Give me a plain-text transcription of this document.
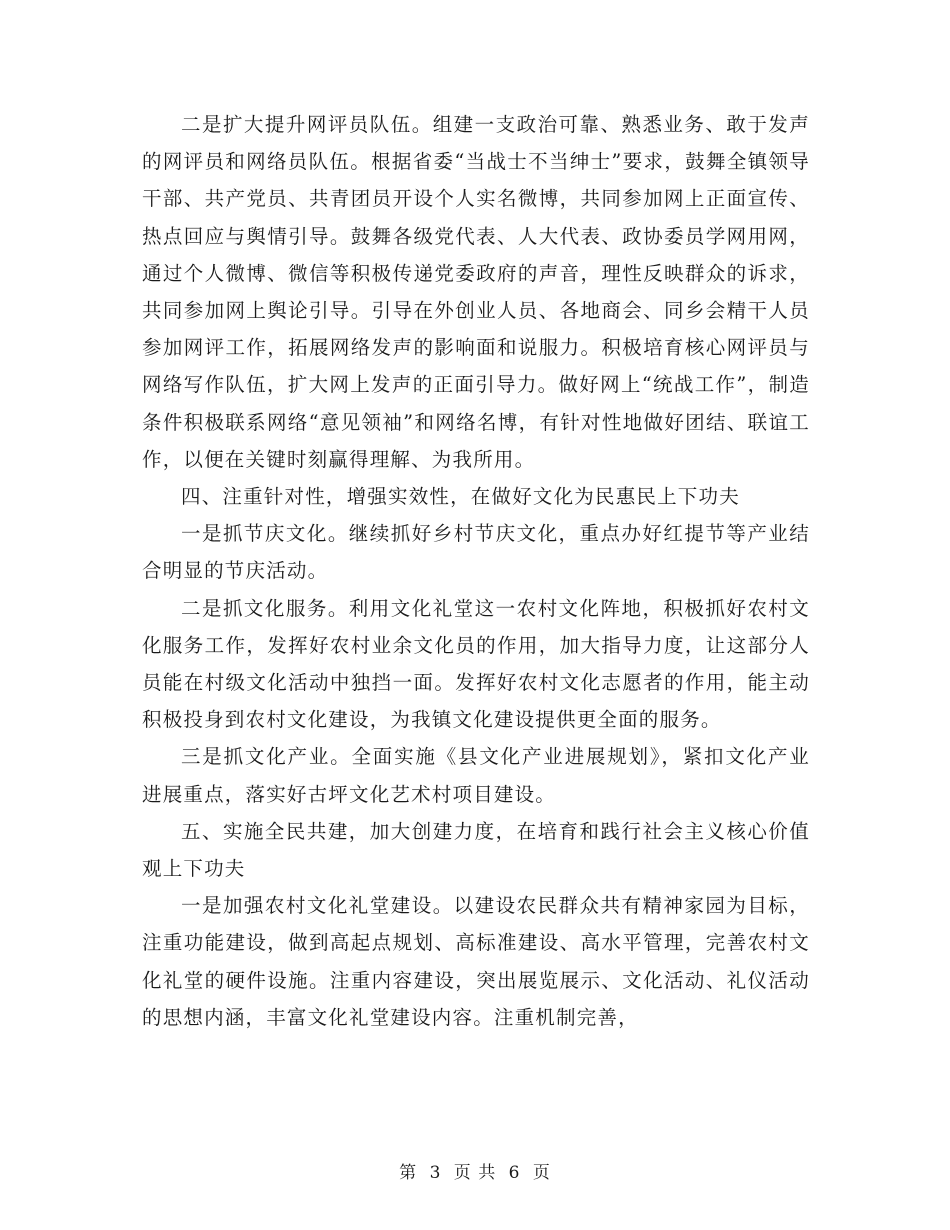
二是扩大提升网评员队伍。组建一支政治可靠、熟悉业务、敢于发声的网评员和网络员队伍。根据省委“当战士不当绅士”要求，鼓舞全镇领导干部、共产党员、共青团员开设个人实名微博，共同参加网上正面宣传、热点回应与舆情引导。鼓舞各级党代表、人大代表、政协委员学网用网，通过个人微博、微信等积极传递党委政府的声音，理性反映群众的诉求，共同参加网上舆论引导。引导在外创业人员、各地商会、同乡会精干人员参加网评工作，拓展网络发声的影响面和说服力。积极培育核心网评员与网络写作队伍，扩大网上发声的正面引导力。做好网上“统战工作”，制造条件积极联系网络“意见领袖”和网络名博，有针对性地做好团结、联谊工作，以便在关键时刻赢得理解、为我所用。

四、注重针对性，增强实效性，在做好文化为民惠民上下功夫

一是抓节庆文化。继续抓好乡村节庆文化，重点办好红提节等产业结合明显的节庆活动。

二是抓文化服务。利用文化礼堂这一农村文化阵地，积极抓好农村文化服务工作，发挥好农村业余文化员的作用，加大指导力度，让这部分人员能在村级文化活动中独挡一面。发挥好农村文化志愿者的作用，能主动积极投身到农村文化建设，为我镇文化建设提供更全面的服务。

三是抓文化产业。全面实施《县文化产业进展规划》，紧扣文化产业进展重点，落实好古坪文化艺术村项目建设。

五、实施全民共建，加大创建力度，在培育和践行社会主义核心价值观上下功夫

一是加强农村文化礼堂建设。以建设农民群众共有精神家园为目标，注重功能建设，做到高起点规划、高标准建设、高水平管理，完善农村文化礼堂的硬件设施。注重内容建设，突出展览展示、文化活动、礼仪活动的思想内涵，丰富文化礼堂建设内容。注重机制完善，

第 3 页 共 6 页
